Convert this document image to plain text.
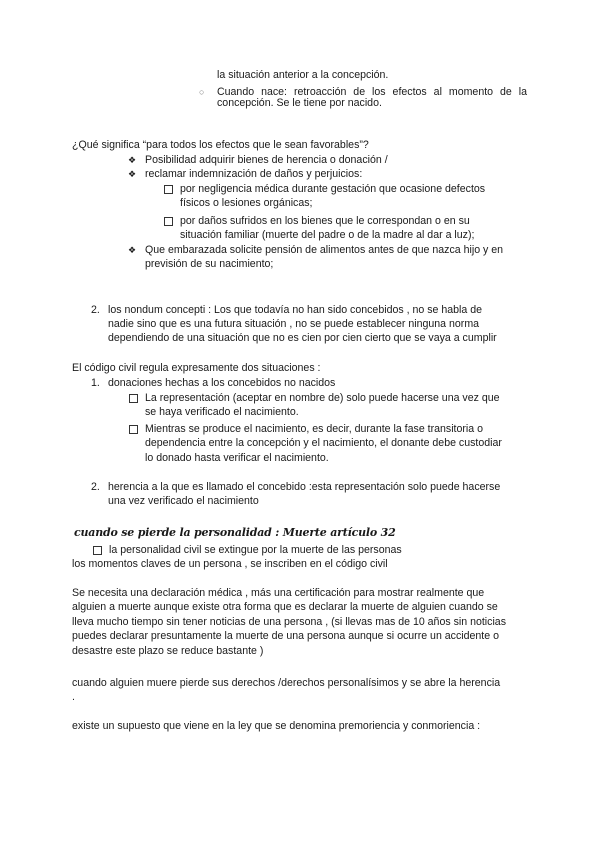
la situación anterior a la concepción.
○ Cuando nace: retroacción de los efectos al momento de la
concepción. Se le tiene por nacido.
¿Qué significa “para todos los efectos que le sean favorables”?
❖ Posibilidad adquirir bienes de herencia o donación /
❖ reclamar indemnización de daños y perjuicios:
por negligencia médica durante gestación que ocasione defectos
físicos o lesiones orgánicas;
por daños sufridos en los bienes que le correspondan o en su
situación familiar (muerte del padre o de la madre al dar a luz);
❖ Que embarazada solicite pensión de alimentos antes de que nazca hijo y en
previsión de su nacimiento;
2. los nondum concepti : Los que todavía no han sido concebidos , no se habla de
nadie sino que es una futura situación , no se puede establecer ninguna norma
dependiendo de una situación que no es cien por cien cierto que se vaya a cumplir
El código civil regula expresamente dos situaciones :
1. donaciones hechas a los concebidos no nacidos
La representación (aceptar en nombre de) solo puede hacerse una vez que
se haya verificado el nacimiento.
Mientras se produce el nacimiento, es decir, durante la fase transitoria o
dependencia entre la concepción y el nacimiento, el donante debe custodiar
lo donado hasta verificar el nacimiento.
2. herencia a la que es llamado el concebido :esta representación solo puede hacerse
una vez verificado el nacimiento
cuando se pierde la personalidad : Muerte artículo 32
la personalidad civil se extingue por la muerte de las personas
los momentos claves de un persona , se inscriben en el código civil
Se necesita una declaración médica , más una certificación para mostrar realmente que
alguien a muerte aunque existe otra forma que es declarar la muerte de alguien cuando se
lleva mucho tiempo sin tener noticias de una persona , (si llevas mas de 10 años sin noticias
puedes declarar presuntamente la muerte de una persona aunque si ocurre un accidente o
desastre este plazo se reduce bastante )
cuando alguien muere pierde sus derechos /derechos personalísimos y se abre la herencia
.
existe un supuesto que viene en la ley que se denomina premoriencia y conmoriencia :
